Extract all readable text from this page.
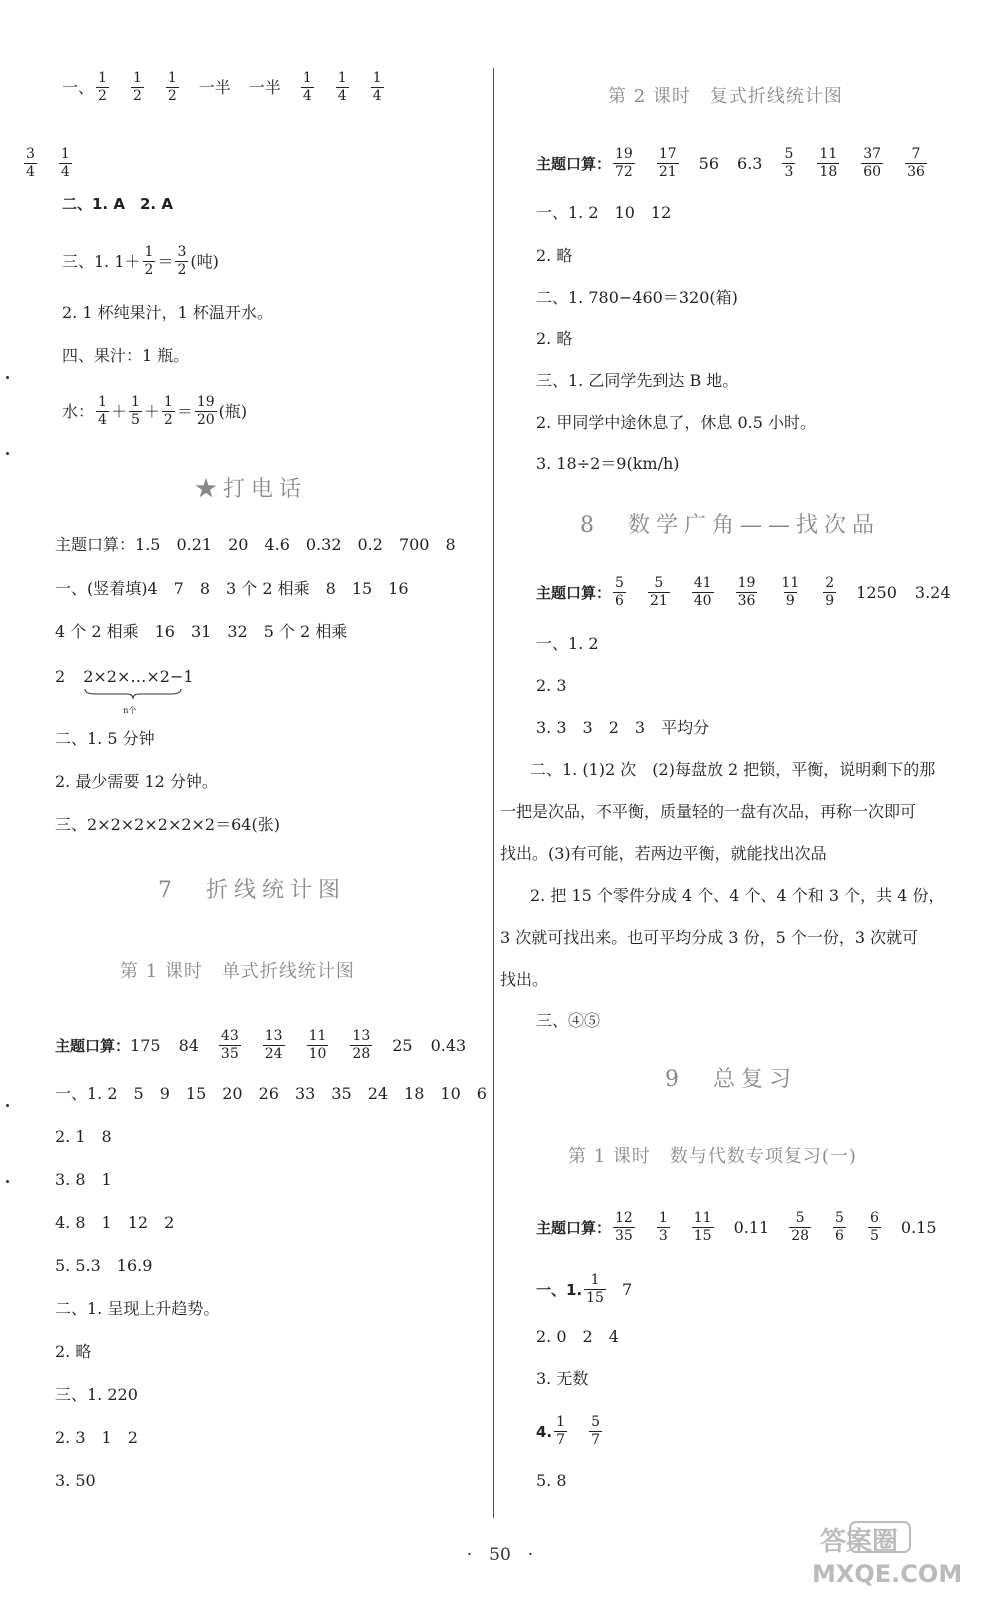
一、 $\frac{1}{2} \frac{1}{2} \frac{1}{2}$ 一半 一半 $\frac{1}{4} \frac{1}{4} \frac{1}{4}$
$\frac{3}{4} \frac{1}{4}$
二、1. A　2. A
三、1. $1+ \frac{1}{2} = \frac{3}{2}$ (吨)
2. 1 杯纯果汁，1 杯温开水。
四、果汁：1 瓶。
水： $\frac{1}{4} + \frac{1}{5} + \frac{1}{2} = \frac{19}{20}$ (瓶)
★打电话
主题口算：1.5　0.21　20　4.6　0.32　0.2　700　8
一、(竖着填)4　7　8　3 个 2 相乘　8　15　16
4 个 2 相乘　16　31　32　5 个 2 相乘
2 2×2×…×2
n个
−1
二、1. 5 分钟
2. 最少需要 12 分钟。
三、2×2×2×2×2×2＝64(张)
7　折线统计图
第 1 课时　单式折线统计图
主题口算： 175 $84 \frac{43}{35} \frac{13}{24} \frac{11}{10} \frac{13}{28} 25$ 0.43
一、1. 2　5　9　15　20　26　33　35　24　18　10　6
2. 1　8
3. 8　1
4. 8　1　12　2
5. 5.3　16.9
二、1. 呈现上升趋势。
2. 略
三、1. 220
2. 3　1　2
3. 50
第 2 课时　复式折线统计图
主题口算： $\frac{19}{72} \frac{17}{21} 56$ $6.3 \frac{5}{3} \frac{11}{18} \frac{37}{60} \frac{7}{36}$
一、1. 2　10　12
2. 略
二、1. 780−460＝320(箱)
2. 略
三、1. 乙同学先到达 B 地。
2. 甲同学中途休息了，休息 0.5 小时。
3. 18÷2＝9(km/h)
8　数学广角——找次品
主题口算： $\frac{5}{6} \frac{5}{21} \frac{41}{40} \frac{19}{36} \frac{11}{9} \frac{2}{9} 1250$ 3.24
一、1. 2
2. 3
3. 3　3　2　3　平均分
　二、1. (1)2 次　(2)每盘放 2 把锁，平衡，说明剩下的那
一把是次品，不平衡，质量轻的一盘有次品，再称一次即可
找出。(3)有可能，若两边平衡，就能找出次品
　2. 把 15 个零件分成 4 个、4 个、4 个和 3 个，共 4 份，
3 次就可找出来。也可平均分成 3 份，5 个一份，3 次就可
找出。
三、④⑤
9　总复习
第 1 课时　数与代数专项复习(一)
主题口算： $\frac{12}{35} \frac{1}{3} \frac{11}{15} 0.11 \frac{5}{28} \frac{5}{6} \frac{6}{5} 0.15$
一、1. $\frac{1}{15} 7$
2. 0　2　4
3. 无数
4. $\frac{1}{7} \frac{5}{7}$
5. 8
·　50　·	答案圈
MXQE.COM
